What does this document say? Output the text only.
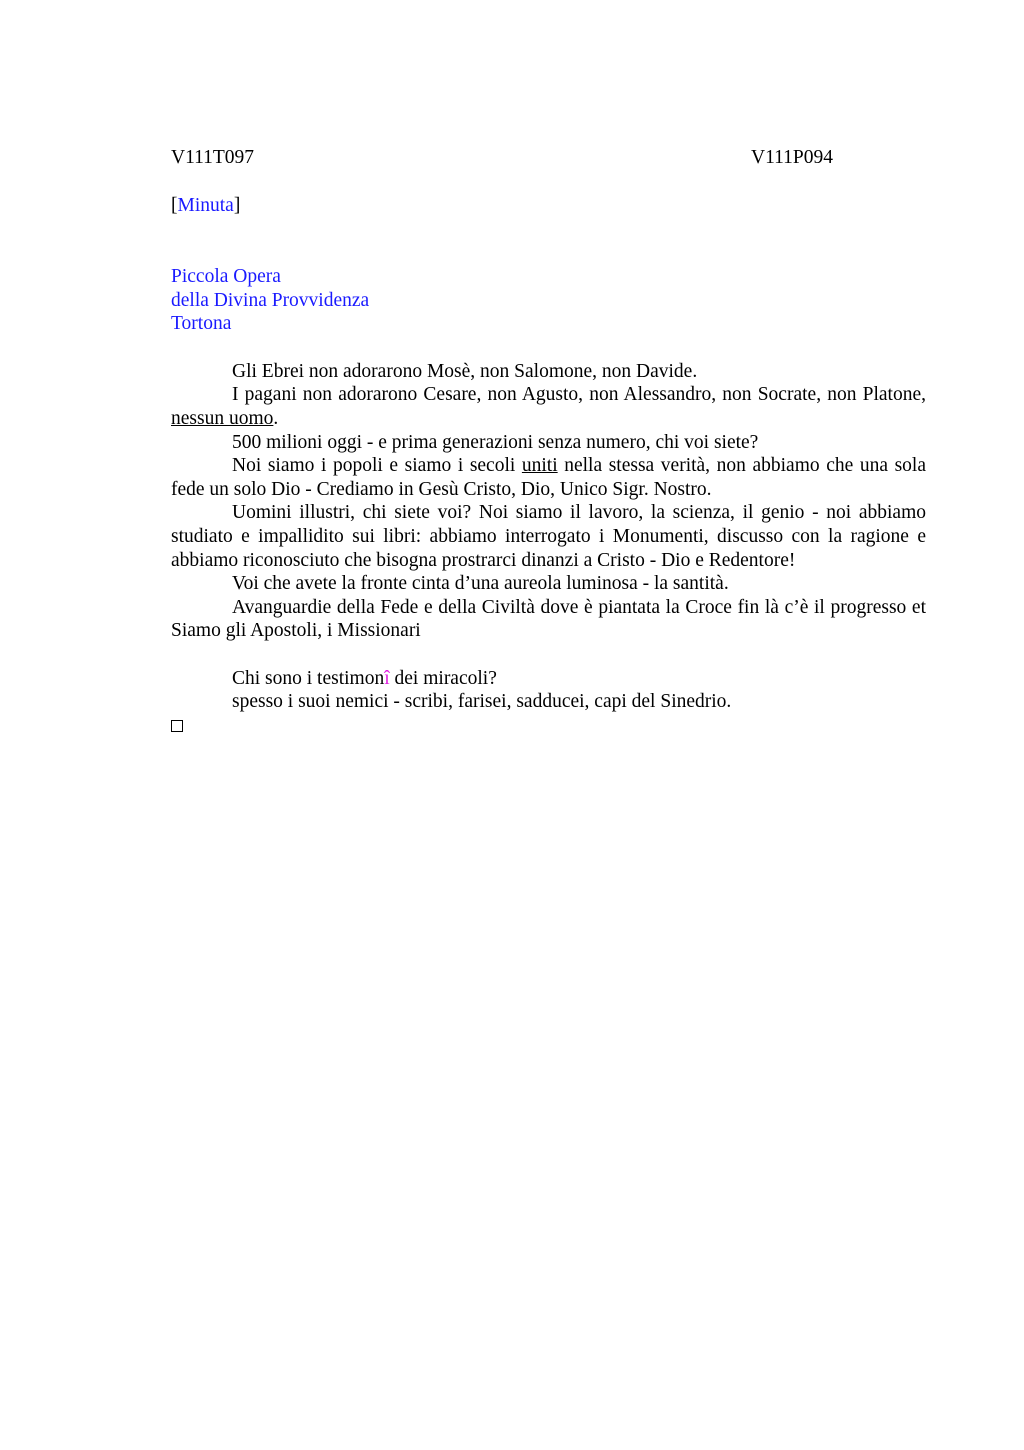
V111T097	V111P094
[Minuta]
Piccola Opera
della Divina Provvidenza
Tortona

Gli Ebrei non adorarono Mosè, non Salomone, non Davide.

I pagani non adorarono Cesare, non Agusto, non Alessandro, non Socrate, non Platone, nessun uomo.

500 milioni oggi - e prima generazioni senza numero, chi voi siete?

Noi siamo i popoli e siamo i secoli uniti nella stessa verità, non abbiamo che una sola fede un solo Dio - Crediamo in Gesù Cristo, Dio, Unico Sigr. Nostro.

Uomini illustri, chi siete voi? Noi siamo il lavoro, la scienza, il genio - noi abbiamo studiato e impallidito sui libri: abbiamo interrogato i Monumenti, discusso con la ragione e abbiamo riconosciuto che bisogna prostrarci dinanzi a Cristo - Dio e Redentore!

Voi che avete la fronte cinta d’una aureola luminosa - la santità.

Avanguardie della Fede e della Civiltà dove è piantata la Croce fin là c’è il progresso et Siamo gli Apostoli, i Missionari

Chi sono i testimonî dei miracoli?

spesso i suoi nemici - scribi, farisei, sadducei, capi del Sinedrio.
